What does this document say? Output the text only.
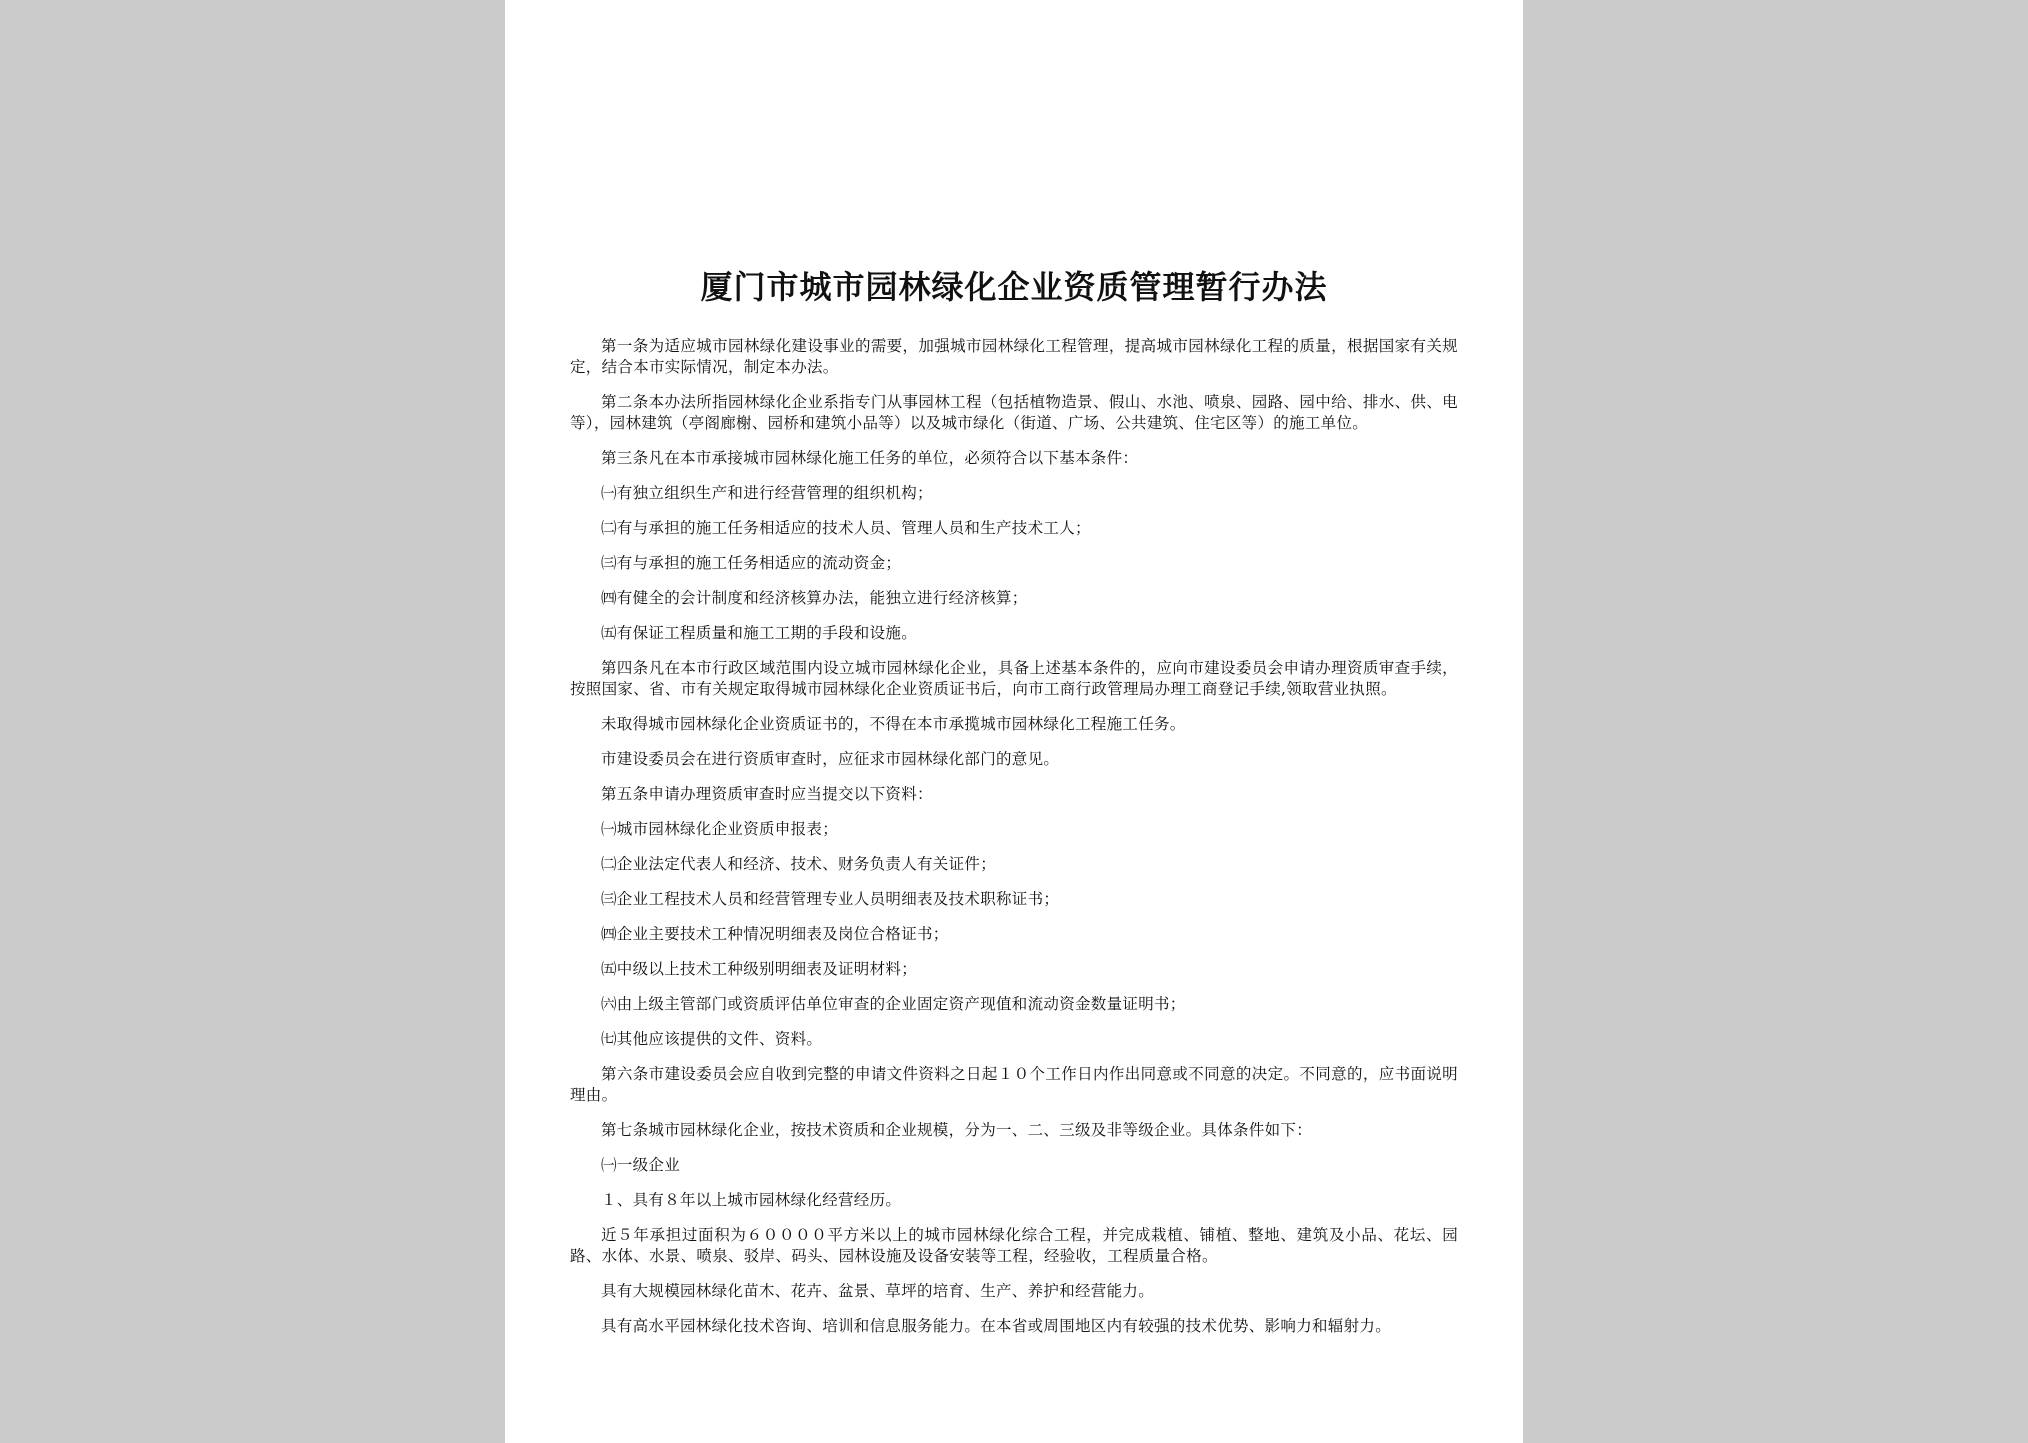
厦门市城市园林绿化企业资质管理暂行办法

第一条为适应城市园林绿化建设事业的需要，加强城市园林绿化工程管理，提高城市园林绿化工程的质量，根据国家有关规定，结合本市实际情况，制定本办法。

第二条本办法所指园林绿化企业系指专门从事园林工程（包括植物造景、假山、水池、喷泉、园路、园中给、排水、供、电等），园林建筑（亭阁廊榭、园桥和建筑小品等）以及城市绿化（街道、广场、公共建筑、住宅区等）的施工单位。

第三条凡在本市承接城市园林绿化施工任务的单位，必须符合以下基本条件：

㈠有独立组织生产和进行经营管理的组织机构；

㈡有与承担的施工任务相适应的技术人员、管理人员和生产技术工人；

㈢有与承担的施工任务相适应的流动资金；

㈣有健全的会计制度和经济核算办法，能独立进行经济核算；

㈤有保证工程质量和施工工期的手段和设施。

第四条凡在本市行政区域范围内设立城市园林绿化企业，具备上述基本条件的，应向市建设委员会申请办理资质审查手续，按照国家、省、市有关规定取得城市园林绿化企业资质证书后，向市工商行政管理局办理工商登记手续,领取营业执照。

未取得城市园林绿化企业资质证书的，不得在本市承揽城市园林绿化工程施工任务。

市建设委员会在进行资质审查时，应征求市园林绿化部门的意见。

第五条申请办理资质审查时应当提交以下资料：

㈠城市园林绿化企业资质申报表；

㈡企业法定代表人和经济、技术、财务负责人有关证件；

㈢企业工程技术人员和经营管理专业人员明细表及技术职称证书；

㈣企业主要技术工种情况明细表及岗位合格证书；

㈤中级以上技术工种级别明细表及证明材料；

㈥由上级主管部门或资质评估单位审查的企业固定资产现值和流动资金数量证明书；

㈦其他应该提供的文件、资料。

第六条市建设委员会应自收到完整的申请文件资料之日起１０个工作日内作出同意或不同意的决定。不同意的，应书面说明理由。

第七条城市园林绿化企业，按技术资质和企业规模，分为一、二、三级及非等级企业。具体条件如下：

㈠一级企业

１、具有８年以上城市园林绿化经营经历。

近５年承担过面积为６００００平方米以上的城市园林绿化综合工程，并完成栽植、铺植、整地、建筑及小品、花坛、园路、水体、水景、喷泉、驳岸、码头、园林设施及设备安装等工程，经验收，工程质量合格。

具有大规模园林绿化苗木、花卉、盆景、草坪的培育、生产、养护和经营能力。

具有高水平园林绿化技术咨询、培训和信息服务能力。在本省或周围地区内有较强的技术优势、影响力和辐射力。
